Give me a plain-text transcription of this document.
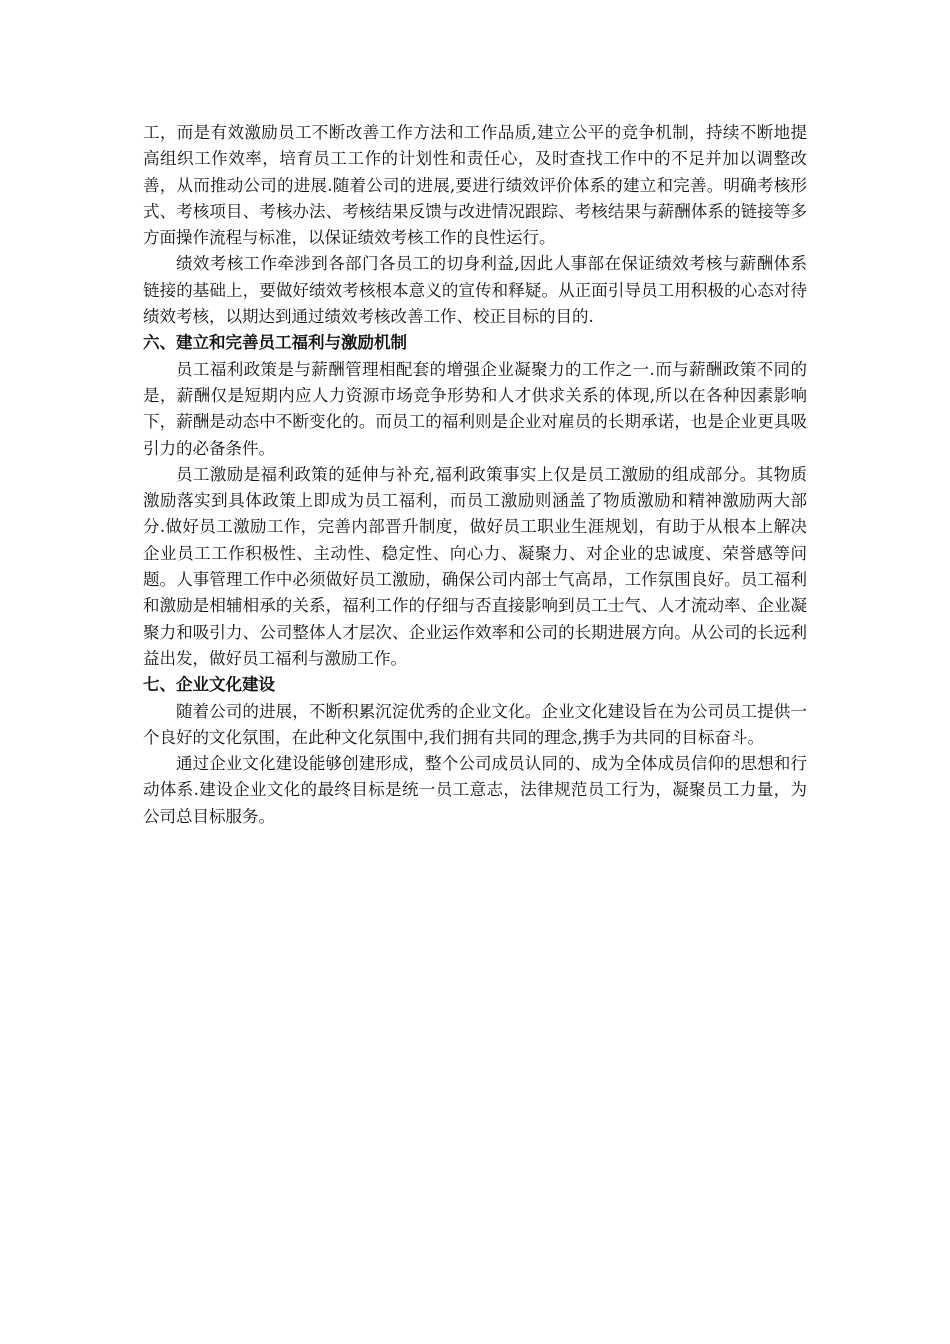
工，而是有效激励员工不断改善工作方法和工作品质,建立公平的竞争机制，持续不断地提高组织工作效率，培育员工工作的计划性和责任心，及时查找工作中的不足并加以调整改善，从而推动公司的进展.随着公司的进展,要进行绩效评价体系的建立和完善。明确考核形式、考核项目、考核办法、考核结果反馈与改进情况跟踪、考核结果与薪酬体系的链接等多方面操作流程与标准，以保证绩效考核工作的良性运行。

绩效考核工作牵涉到各部门各员工的切身利益,因此人事部在保证绩效考核与薪酬体系链接的基础上，要做好绩效考核根本意义的宣传和释疑。从正面引导员工用积极的心态对待绩效考核，以期达到通过绩效考核改善工作、校正目标的目的.

六、建立和完善员工福利与激励机制

员工福利政策是与薪酬管理相配套的增强企业凝聚力的工作之一.而与薪酬政策不同的是，薪酬仅是短期内应人力资源市场竞争形势和人才供求关系的体现,所以在各种因素影响下，薪酬是动态中不断变化的。而员工的福利则是企业对雇员的长期承诺，也是企业更具吸引力的必备条件。

员工激励是福利政策的延伸与补充,福利政策事实上仅是员工激励的组成部分。其物质激励落实到具体政策上即成为员工福利，而员工激励则涵盖了物质激励和精神激励两大部分.做好员工激励工作，完善内部晋升制度，做好员工职业生涯规划，有助于从根本上解决企业员工工作积极性、主动性、稳定性、向心力、凝聚力、对企业的忠诚度、荣誉感等问题。人事管理工作中必须做好员工激励，确保公司内部士气高昂，工作氛围良好。员工福利和激励是相辅相承的关系，福利工作的仔细与否直接影响到员工士气、人才流动率、企业凝聚力和吸引力、公司整体人才层次、企业运作效率和公司的长期进展方向。从公司的长远利益出发，做好员工福利与激励工作。

七、企业文化建设

随着公司的进展，不断积累沉淀优秀的企业文化。企业文化建设旨在为公司员工提供一个良好的文化氛围，在此种文化氛围中,我们拥有共同的理念,携手为共同的目标奋斗。

通过企业文化建设能够创建形成，整个公司成员认同的、成为全体成员信仰的思想和行动体系.建设企业文化的最终目标是统一员工意志，法律规范员工行为，凝聚员工力量，为公司总目标服务。
